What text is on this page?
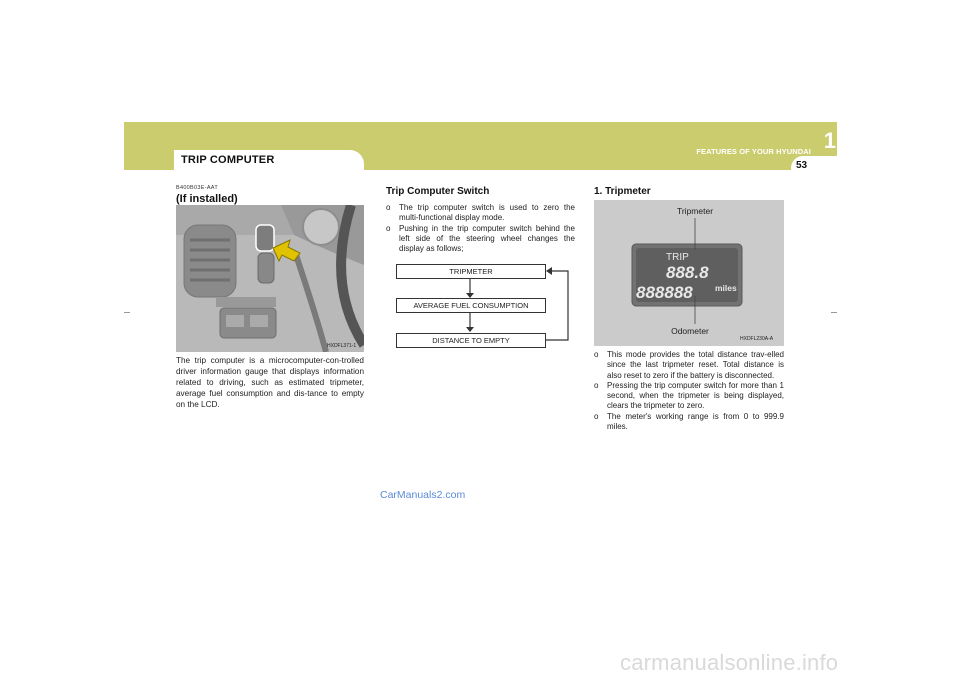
TRIP COMPUTER
FEATURES OF YOUR HYUNDAI 1
53
B400B03E-AAT
(If installed)
HXDFL371-1
The trip computer is a microcomputer-con-trolled driver information gauge that displays information related to driving, such as estimated tripmeter, average fuel consumption and dis-tance to empty on the LCD.
Trip Computer Switch
o The trip computer switch is used to zero the multi-functional display mode.
o Pushing in the trip computer switch behind the left side of the steering wheel changes the display as follows;
TRIPMETER
AVERAGE FUEL CONSUMPTION
DISTANCE TO EMPTY
1. Tripmeter
Tripmeter
Odometer
TRIP
888.8
888888	miles
HXDFL230A-A
o This mode provides the total distance trav-elled since the last tripmeter reset. Total distance is also reset to zero if the battery is disconnected.
o Pressing the trip computer switch for more than 1 second, when the tripmeter is being displayed, clears the tripmeter to zero.
o The meter's working range is from 0 to 999.9 miles.
CarManuals2.com
carmanualsonline.info
